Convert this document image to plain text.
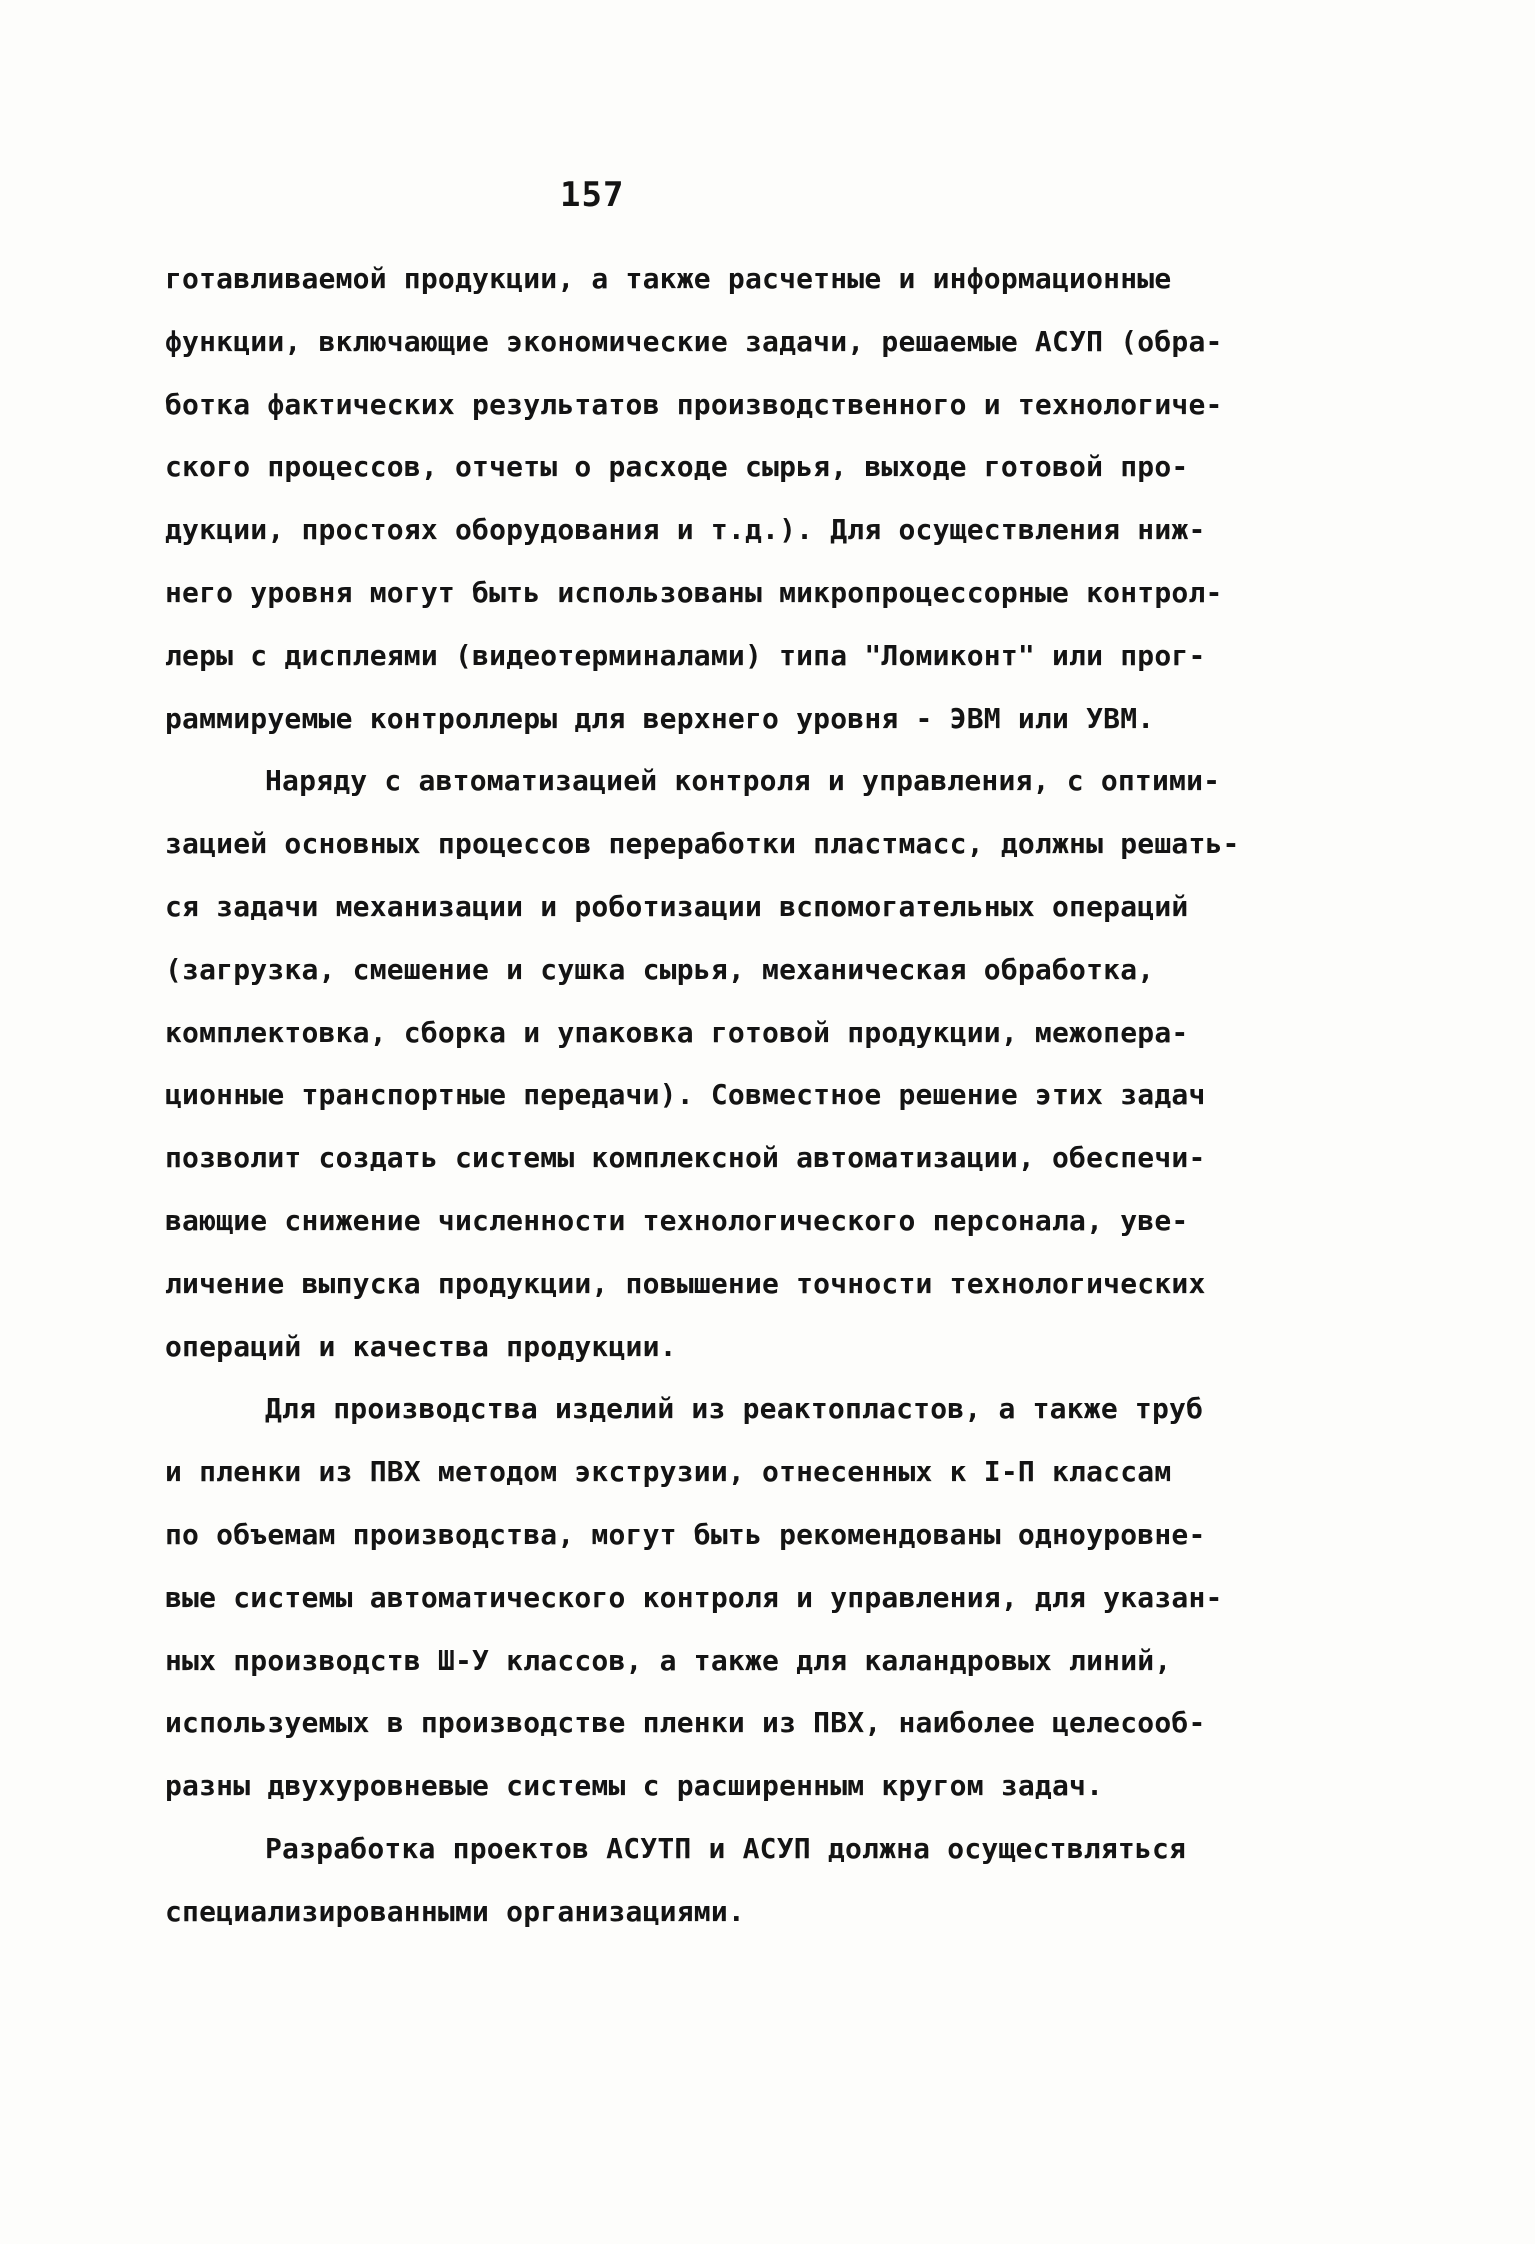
157
готавливаемой продукции, а также расчетные и информационные
функции, включающие экономические задачи, решаемые АСУП (обра-
ботка фактических результатов производственного и технологиче-
ского процессов, отчеты о расходе сырья, выходе готовой про-
дукции, простоях оборудования и т.д.). Для осуществления ниж-
него уровня могут быть использованы микропроцессорные контрол-
леры с дисплеями (видеотерминалами) типа "Ломиконт" или прог-
раммируемые контроллеры для верхнего уровня - ЭВМ или УВМ.
Наряду с автоматизацией контроля и управления, с оптими-
зацией основных процессов переработки пластмасс, должны решать-
ся задачи механизации и роботизации вспомогательных операций
(загрузка, смешение и сушка сырья, механическая обработка,
комплектовка, сборка и упаковка готовой продукции, межопера-
ционные транспортные передачи). Совместное решение этих задач
позволит создать системы комплексной автоматизации, обеспечи-
вающие снижение численности технологического персонала, уве-
личение выпуска продукции, повышение точности технологических
операций и качества продукции.
Для производства изделий из реактопластов, а также труб
и пленки из ПВХ методом экструзии, отнесенных к I-П классам
по объемам производства, могут быть рекомендованы одноуровне-
вые системы автоматического контроля и управления, для указан-
ных производств Ш-У классов, а также для каландровых линий,
используемых в производстве пленки из ПВХ, наиболее целесооб-
разны двухуровневые системы с расширенным кругом задач.
Разработка проектов АСУТП и АСУП должна осуществляться
специализированными организациями.
